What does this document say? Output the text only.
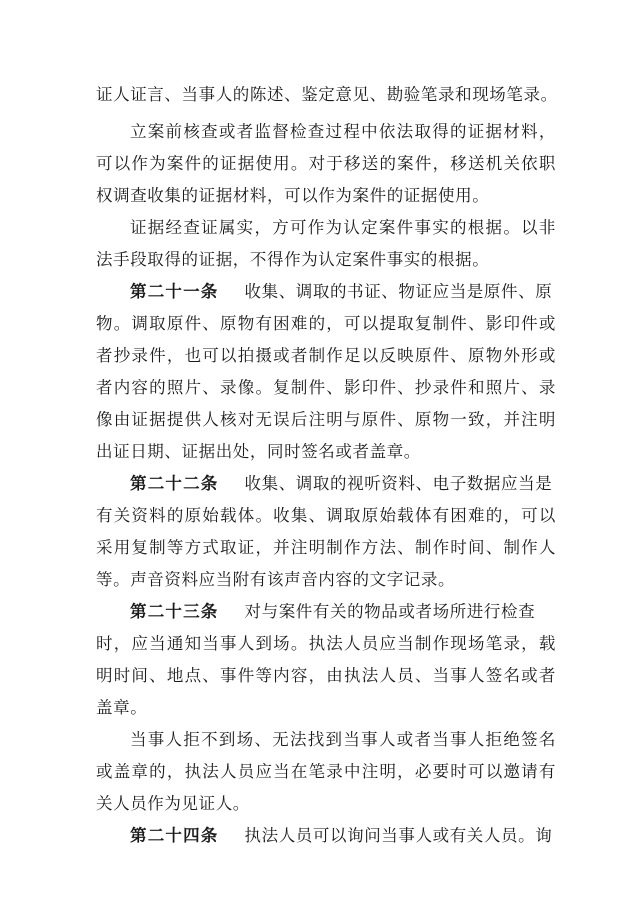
证人证言、当事人的陈述、鉴定意见、勘验笔录和现场笔录。
立案前核查或者监督检查过程中依法取得的证据材料，
可以作为案件的证据使用。对于移送的案件，移送机关依职
权调查收集的证据材料，可以作为案件的证据使用。
证据经查证属实，方可作为认定案件事实的根据。以非
法手段取得的证据，不得作为认定案件事实的根据。
第二十一条 收集、调取的书证、物证应当是原件、原
物。调取原件、原物有困难的，可以提取复制件、影印件或
者抄录件，也可以拍摄或者制作足以反映原件、原物外形或
者内容的照片、录像。复制件、影印件、抄录件和照片、录
像由证据提供人核对无误后注明与原件、原物一致，并注明
出证日期、证据出处，同时签名或者盖章。
第二十二条 收集、调取的视听资料、电子数据应当是
有关资料的原始载体。收集、调取原始载体有困难的，可以
采用复制等方式取证，并注明制作方法、制作时间、制作人
等。声音资料应当附有该声音内容的文字记录。
第二十三条 对与案件有关的物品或者场所进行检查
时，应当通知当事人到场。执法人员应当制作现场笔录，载
明时间、地点、事件等内容，由执法人员、当事人签名或者
盖章。
当事人拒不到场、无法找到当事人或者当事人拒绝签名
或盖章的，执法人员应当在笔录中注明，必要时可以邀请有
关人员作为见证人。
第二十四条 执法人员可以询问当事人或有关人员。询
